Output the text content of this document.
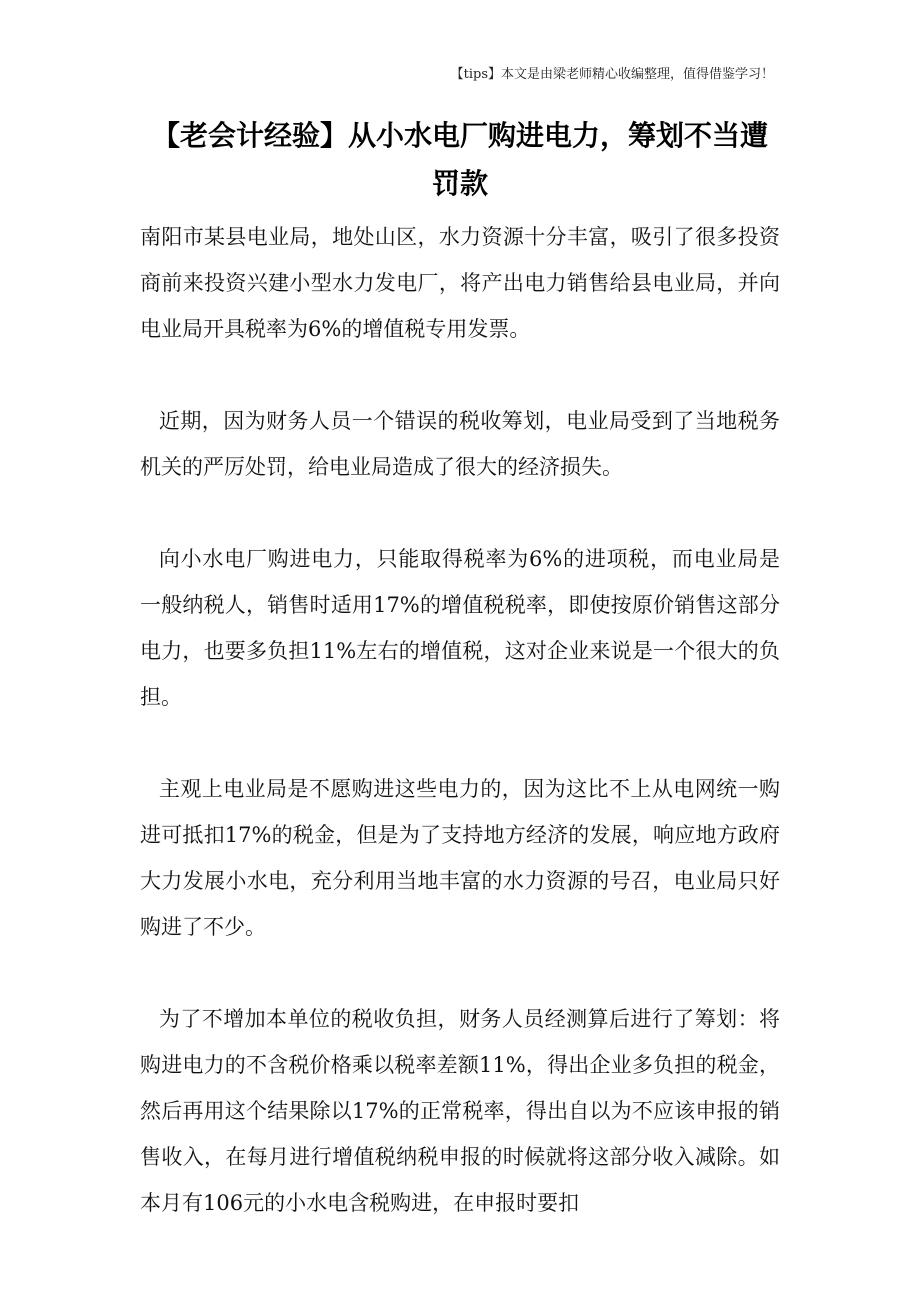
【tips】本文是由梁老师精心收编整理，值得借鉴学习！
【老会计经验】从小水电厂购进电力，筹划不当遭罚款

南阳市某县电业局，地处山区，水力资源十分丰富，吸引了很多投资商前来投资兴建小型水力发电厂，将产出电力销售给县电业局，并向电业局开具税率为6%的增值税专用发票。

近期，因为财务人员一个错误的税收筹划，电业局受到了当地税务机关的严厉处罚，给电业局造成了很大的经济损失。

向小水电厂购进电力，只能取得税率为6%的进项税，而电业局是一般纳税人，销售时适用17%的增值税税率，即使按原价销售这部分电力，也要多负担11%左右的增值税，这对企业来说是一个很大的负担。

主观上电业局是不愿购进这些电力的，因为这比不上从电网统一购进可抵扣17%的税金，但是为了支持地方经济的发展，响应地方政府大力发展小水电，充分利用当地丰富的水力资源的号召，电业局只好购进了不少。

为了不增加本单位的税收负担，财务人员经测算后进行了筹划：将购进电力的不含税价格乘以税率差额11%，得出企业多负担的税金，然后再用这个结果除以17%的正常税率，得出自以为不应该申报的销售收入，在每月进行增值税纳税申报的时候就将这部分收入减除。如本月有106元的小水电含税购进，在申报时要扣
